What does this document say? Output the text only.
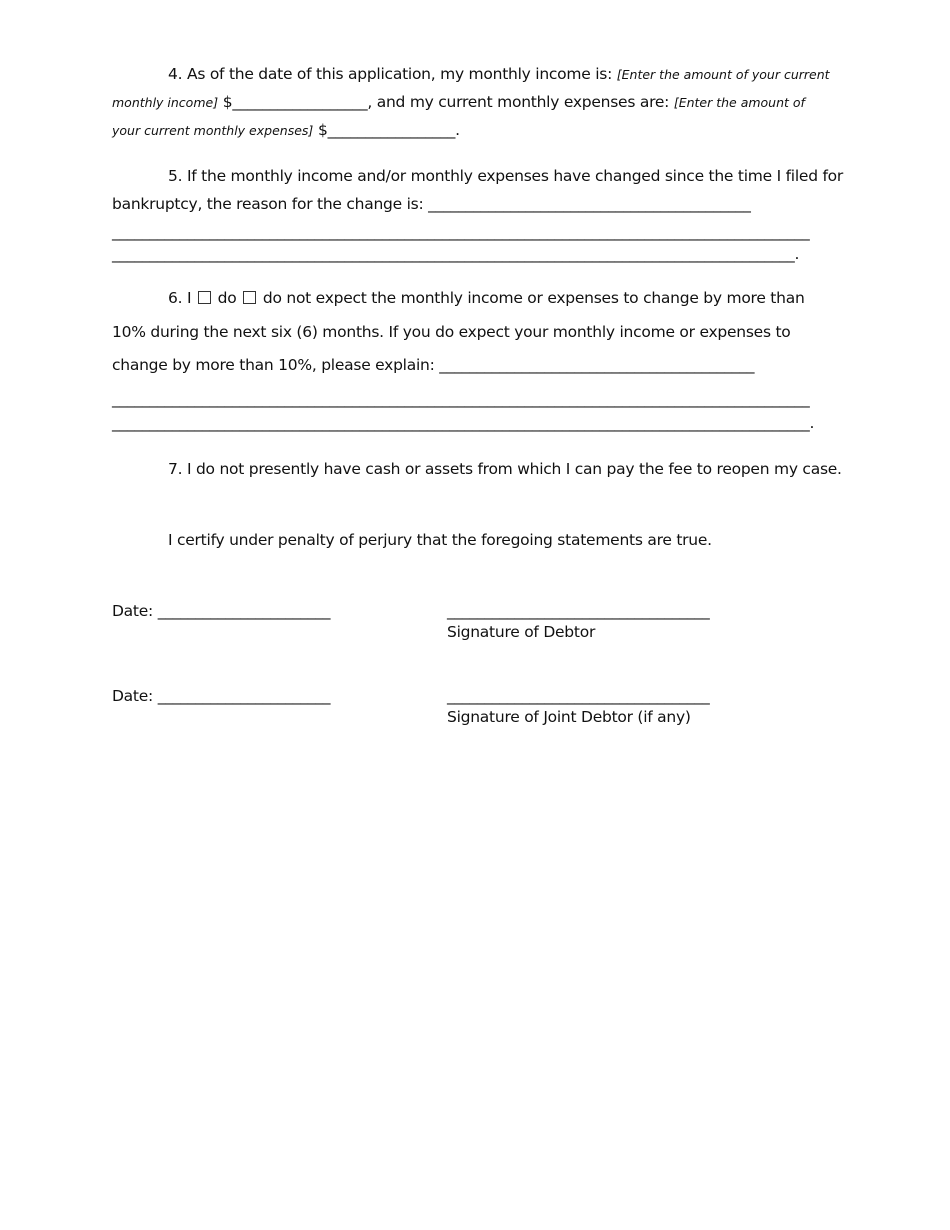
4. As of the date of this application, my monthly income is: [Enter the amount of your current
monthly income] $__________________, and my current monthly expenses are: [Enter the amount of
your current monthly expenses] $_________________.
5. If the monthly income and/or monthly expenses have changed since the time I filed for
bankruptcy, the reason for the change is: ___________________________________________
_____________________________________________________________________________________________
___________________________________________________________________________________________.
6. I do do not expect the monthly income or expenses to change by more than
10% during the next six (6) months. If you do expect your monthly income or expenses to
change by more than 10%, please explain: __________________________________________
_____________________________________________________________________________________________
_____________________________________________________________________________________________.
7. I do not presently have cash or assets from which I can pay the fee to reopen my case.
I certify under penalty of perjury that the foregoing statements are true.
Date: _______________________	___________________________________
Signature of Debtor
Date: _______________________	___________________________________
Signature of Joint Debtor (if any)
